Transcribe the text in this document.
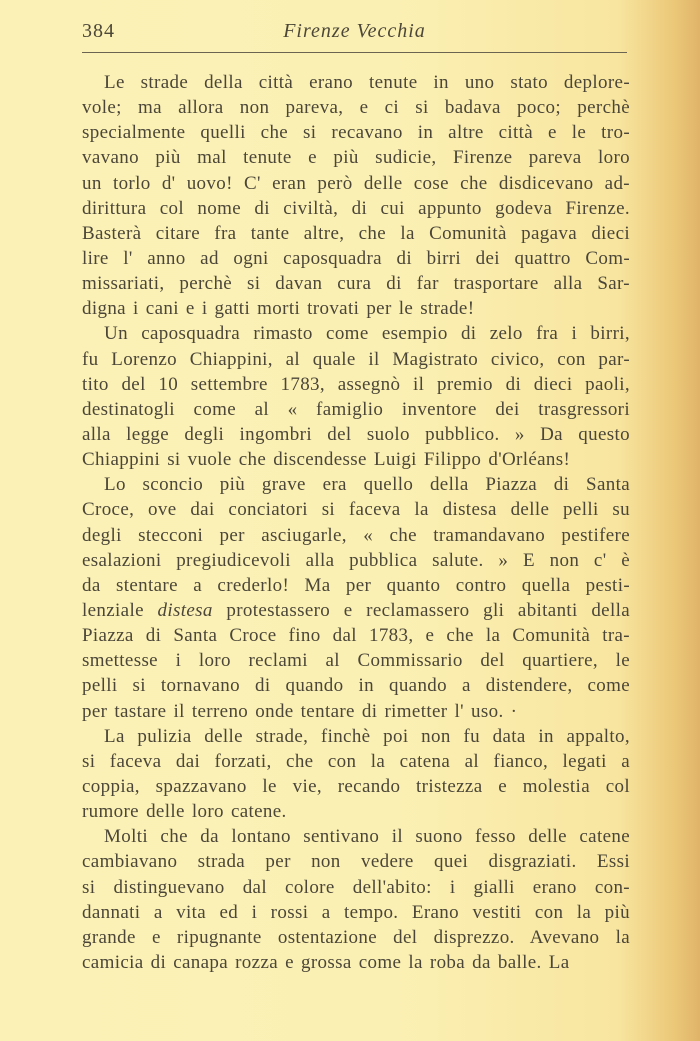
384	Firenze Vecchia
Le strade della città erano tenute in uno stato deplore-
vole; ma allora non pareva, e ci si badava poco; perchè
specialmente quelli che si recavano in altre città e le tro-
vavano più mal tenute e più sudicie, Firenze pareva loro
un torlo d' uovo! C' eran però delle cose che disdicevano ad-
dirittura col nome di civiltà, di cui appunto godeva Firenze.
Basterà citare fra tante altre, che la Comunità pagava dieci
lire l' anno ad ogni caposquadra di birri dei quattro Com-
missariati, perchè si davan cura di far trasportare alla Sar-
digna i cani e i gatti morti trovati per le strade!
Un caposquadra rimasto come esempio di zelo fra i birri,
fu Lorenzo Chiappini, al quale il Magistrato civico, con par-
tito del 10 settembre 1783, assegnò il premio di dieci paoli,
destinatogli come al « famiglio inventore dei trasgressori
alla legge degli ingombri del suolo pubblico. » Da questo
Chiappini si vuole che discendesse Luigi Filippo d'Orléans!
Lo sconcio più grave era quello della Piazza di Santa
Croce, ove dai conciatori si faceva la distesa delle pelli su
degli stecconi per asciugarle, « che tramandavano pestifere
esalazioni pregiudicevoli alla pubblica salute. » E non c' è
da stentare a crederlo! Ma per quanto contro quella pesti-
lenziale distesa protestassero e reclamassero gli abitanti della
Piazza di Santa Croce fino dal 1783, e che la Comunità tra-
smettesse i loro reclami al Commissario del quartiere, le
pelli si tornavano di quando in quando a distendere, come
per tastare il terreno onde tentare di rimetter l' uso. ·
La pulizia delle strade, finchè poi non fu data in appalto,
si faceva dai forzati, che con la catena al fianco, legati a
coppia, spazzavano le vie, recando tristezza e molestia col
rumore delle loro catene.
Molti che da lontano sentivano il suono fesso delle catene
cambiavano strada per non vedere quei disgraziati. Essi
si distinguevano dal colore dell'abito: i gialli erano con-
dannati a vita ed i rossi a tempo. Erano vestiti con la più
grande e ripugnante ostentazione del disprezzo. Avevano la
camicia di canapa rozza e grossa come la roba da balle. La
